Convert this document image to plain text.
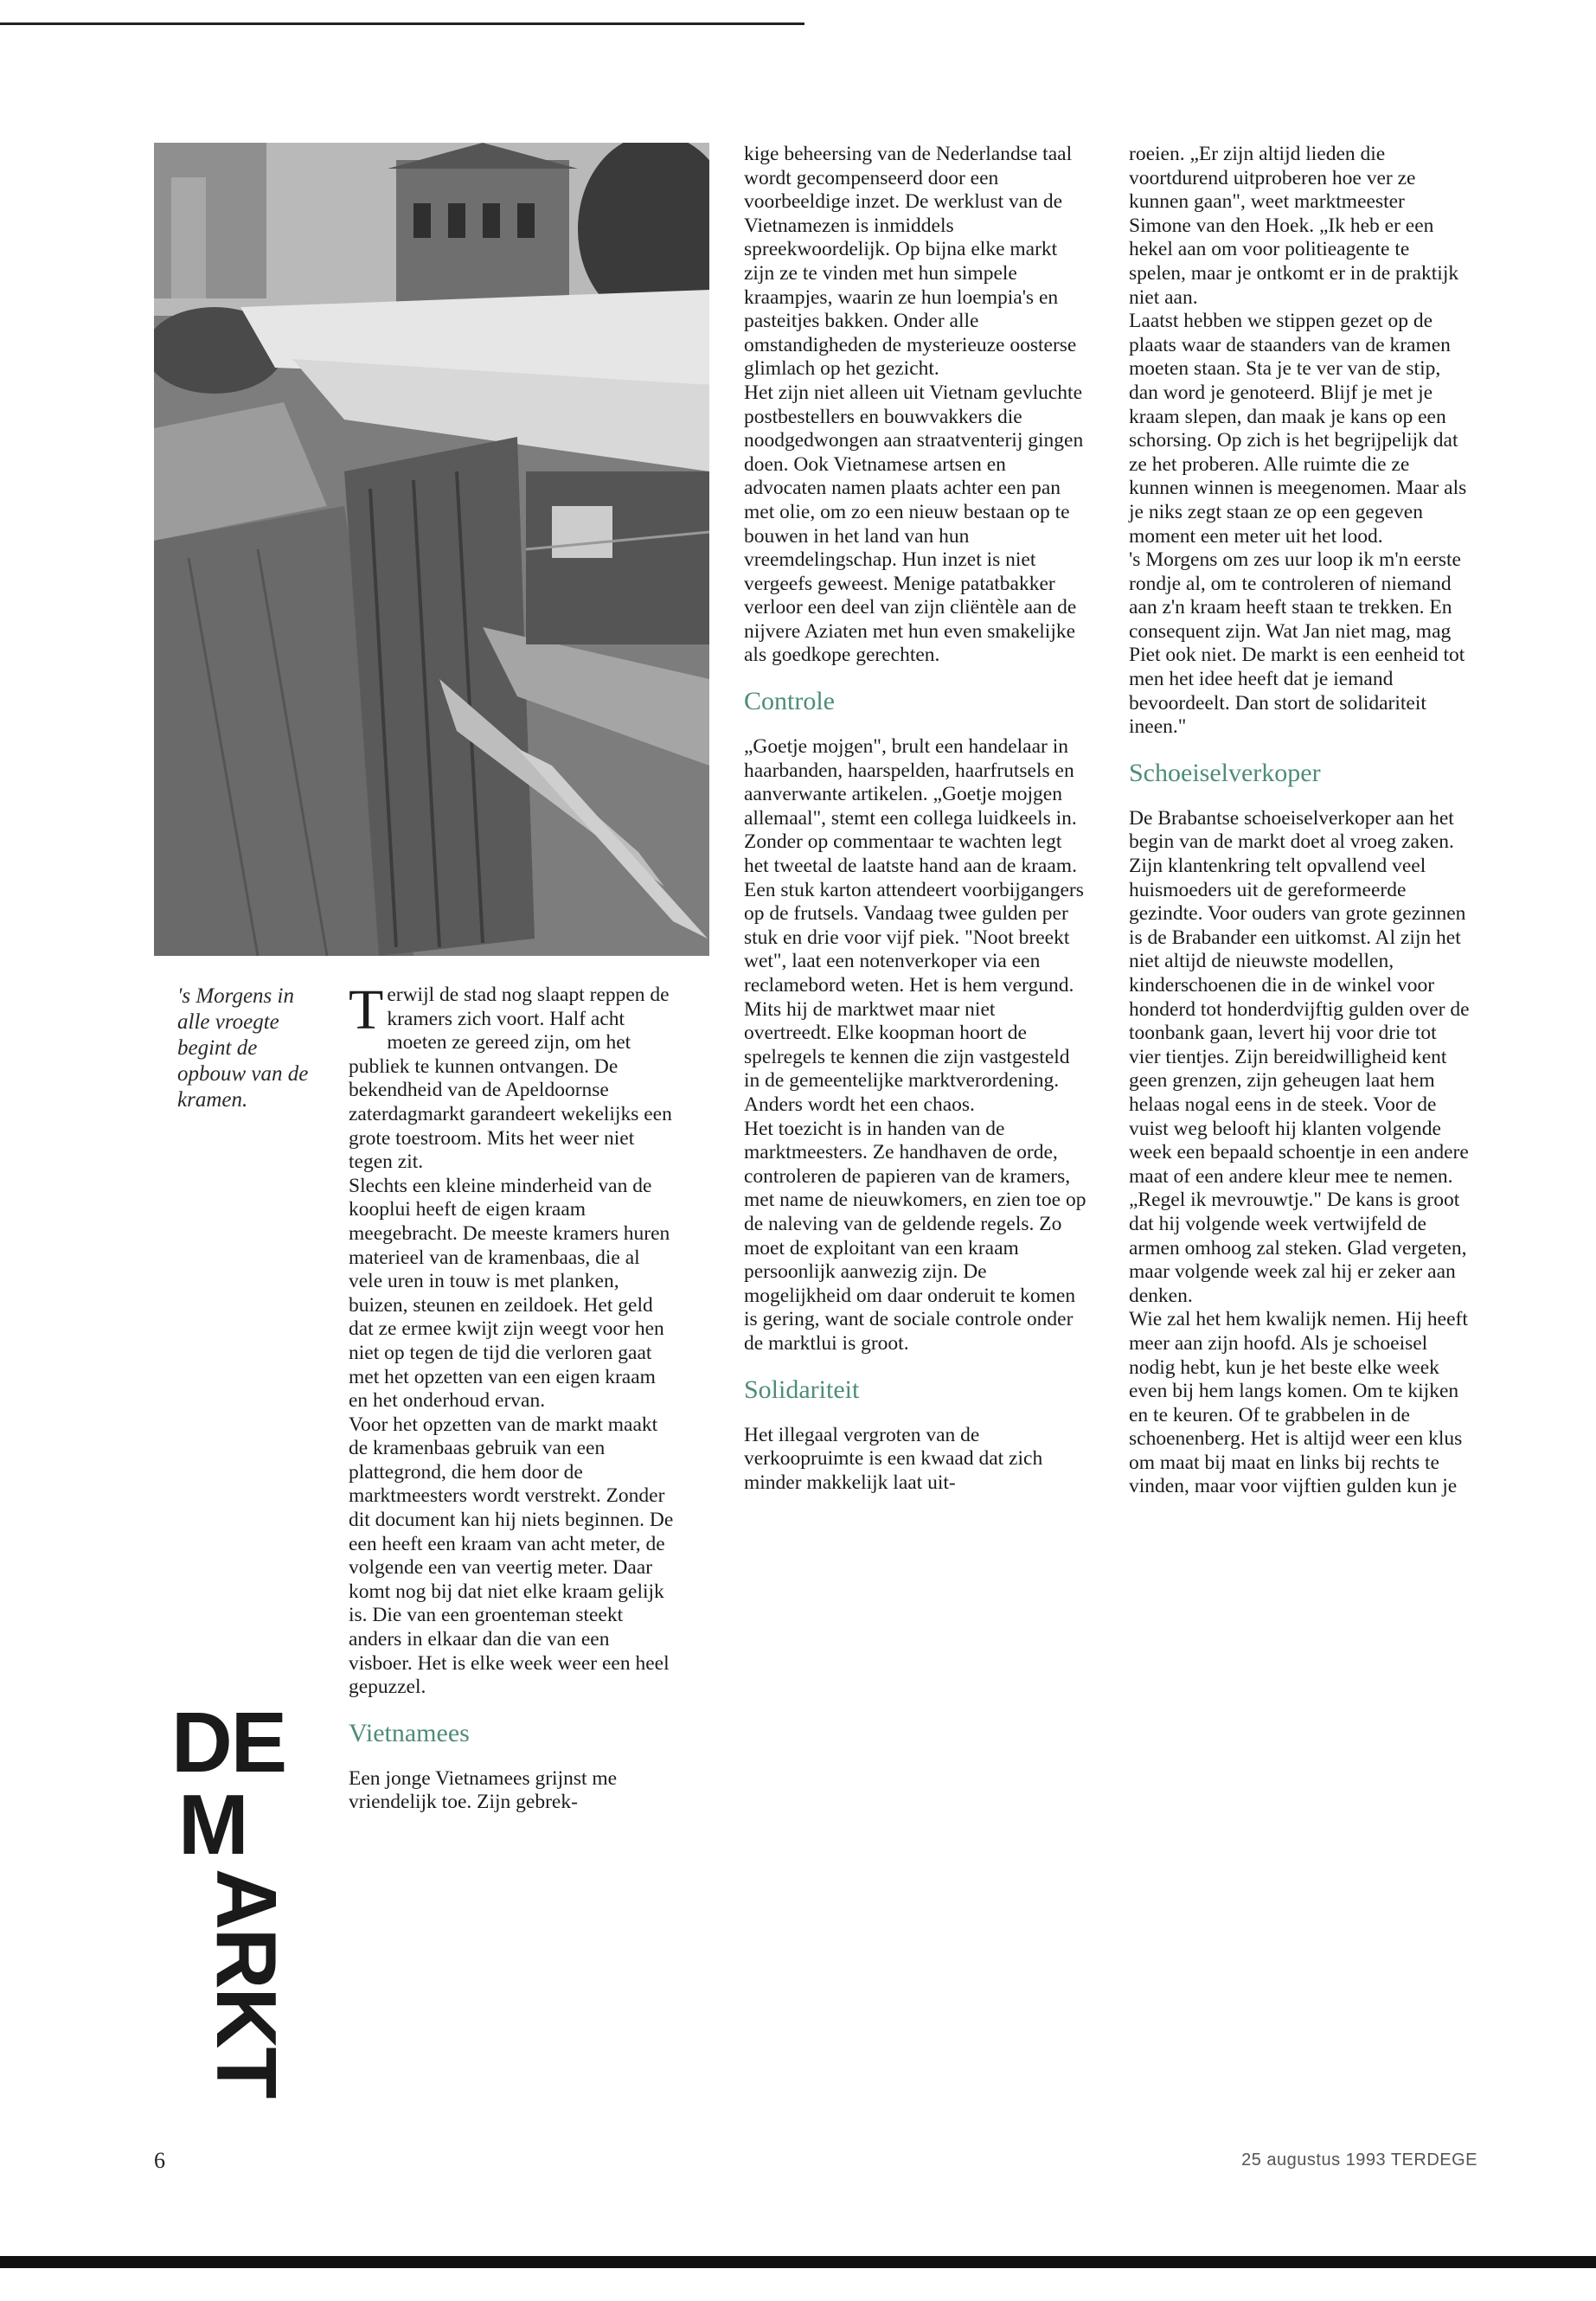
's Morgens in alle vroegte begint de opbouw van de kramen.
DE
M
ARKT
T erwijl de stad nog slaapt reppen de kramers zich voort. Half acht moeten ze gereed zijn, om het publiek te kunnen ontvangen. De bekendheid van de Apeldoornse zaterdagmarkt garandeert wekelijks een grote toestroom. Mits het weer niet tegen zit.

Slechts een kleine minderheid van de kooplui heeft de eigen kraam meegebracht. De meeste kramers huren materieel van de kramenbaas, die al vele uren in touw is met planken, buizen, steunen en zeildoek. Het geld dat ze ermee kwijt zijn weegt voor hen niet op tegen de tijd die verloren gaat met het opzetten van een eigen kraam en het onderhoud ervan.

Voor het opzetten van de markt maakt de kramenbaas gebruik van een plattegrond, die hem door de marktmeesters wordt verstrekt. Zonder dit document kan hij niets beginnen. De een heeft een kraam van acht meter, de volgende een van veertig meter. Daar komt nog bij dat niet elke kraam gelijk is. Die van een groenteman steekt anders in elkaar dan die van een visboer. Het is elke week weer een heel gepuzzel.

Vietnamees

Een jonge Vietnamees grijnst me vriendelijk toe. Zijn gebrek-

kige beheersing van de Nederlandse taal wordt gecompenseerd door een voorbeeldige inzet. De werklust van de Vietnamezen is inmiddels spreekwoordelijk. Op bijna elke markt zijn ze te vinden met hun simpele kraampjes, waarin ze hun loempia's en pasteitjes bakken. Onder alle omstandigheden de mysterieuze oosterse glimlach op het gezicht.

Het zijn niet alleen uit Vietnam gevluchte postbestellers en bouwvakkers die noodgedwongen aan straatventerij gingen doen. Ook Vietnamese artsen en advocaten namen plaats achter een pan met olie, om zo een nieuw bestaan op te bouwen in het land van hun vreemdelingschap. Hun inzet is niet vergeefs geweest. Menige patatbakker verloor een deel van zijn cliëntèle aan de nijvere Aziaten met hun even smakelijke als goedkope gerechten.

Controle

„Goetje mojgen", brult een handelaar in haarbanden, haarspelden, haarfrutsels en aanverwante artikelen. „Goetje mojgen allemaal", stemt een collega luidkeels in. Zonder op commentaar te wachten legt het tweetal de laatste hand aan de kraam. Een stuk karton attendeert voorbijgangers op de frutsels. Vandaag twee gulden per stuk en drie voor vijf piek. "Noot breekt wet", laat een notenverkoper via een reclamebord weten. Het is hem vergund. Mits hij de marktwet maar niet overtreedt. Elke koopman hoort de spelregels te kennen die zijn vastgesteld in de gemeentelijke marktverordening. Anders wordt het een chaos.

Het toezicht is in handen van de marktmeesters. Ze handhaven de orde, controleren de papieren van de kramers, met name de nieuwkomers, en zien toe op de naleving van de geldende regels. Zo moet de exploitant van een kraam persoonlijk aanwezig zijn. De mogelijkheid om daar onderuit te komen is gering, want de sociale controle onder de marktlui is groot.

Solidariteit

Het illegaal vergroten van de verkoopruimte is een kwaad dat zich minder makkelijk laat uit-

roeien. „Er zijn altijd lieden die voortdurend uitproberen hoe ver ze kunnen gaan", weet marktmeester Simone van den Hoek. „Ik heb er een hekel aan om voor politieagente te spelen, maar je ontkomt er in de praktijk niet aan.

Laatst hebben we stippen gezet op de plaats waar de staanders van de kramen moeten staan. Sta je te ver van de stip, dan word je genoteerd. Blijf je met je kraam slepen, dan maak je kans op een schorsing. Op zich is het begrijpelijk dat ze het proberen. Alle ruimte die ze kunnen winnen is meegenomen. Maar als je niks zegt staan ze op een gegeven moment een meter uit het lood.

's Morgens om zes uur loop ik m'n eerste rondje al, om te controleren of niemand aan z'n kraam heeft staan te trekken. En consequent zijn. Wat Jan niet mag, mag Piet ook niet. De markt is een eenheid tot men het idee heeft dat je iemand bevoordeelt. Dan stort de solidariteit ineen."

Schoeiselverkoper

De Brabantse schoeiselverkoper aan het begin van de markt doet al vroeg zaken. Zijn klantenkring telt opvallend veel huismoeders uit de gereformeerde gezindte. Voor ouders van grote gezinnen is de Brabander een uitkomst. Al zijn het niet altijd de nieuwste modellen, kinderschoenen die in de winkel voor honderd tot honderdvijftig gulden over de toonbank gaan, levert hij voor drie tot vier tientjes. Zijn bereidwilligheid kent geen grenzen, zijn geheugen laat hem helaas nogal eens in de steek. Voor de vuist weg belooft hij klanten volgende week een bepaald schoentje in een andere maat of een andere kleur mee te nemen. „Regel ik mevrouwtje." De kans is groot dat hij volgende week vertwijfeld de armen omhoog zal steken. Glad vergeten, maar volgende week zal hij er zeker aan denken.

Wie zal het hem kwalijk nemen. Hij heeft meer aan zijn hoofd. Als je schoeisel nodig hebt, kun je het beste elke week even bij hem langs komen. Om te kijken en te keuren. Of te grabbelen in de schoenenberg. Het is altijd weer een klus om maat bij maat en links bij rechts te vinden, maar voor vijftien gulden kun je

6	25 augustus 1993 TERDEGE
